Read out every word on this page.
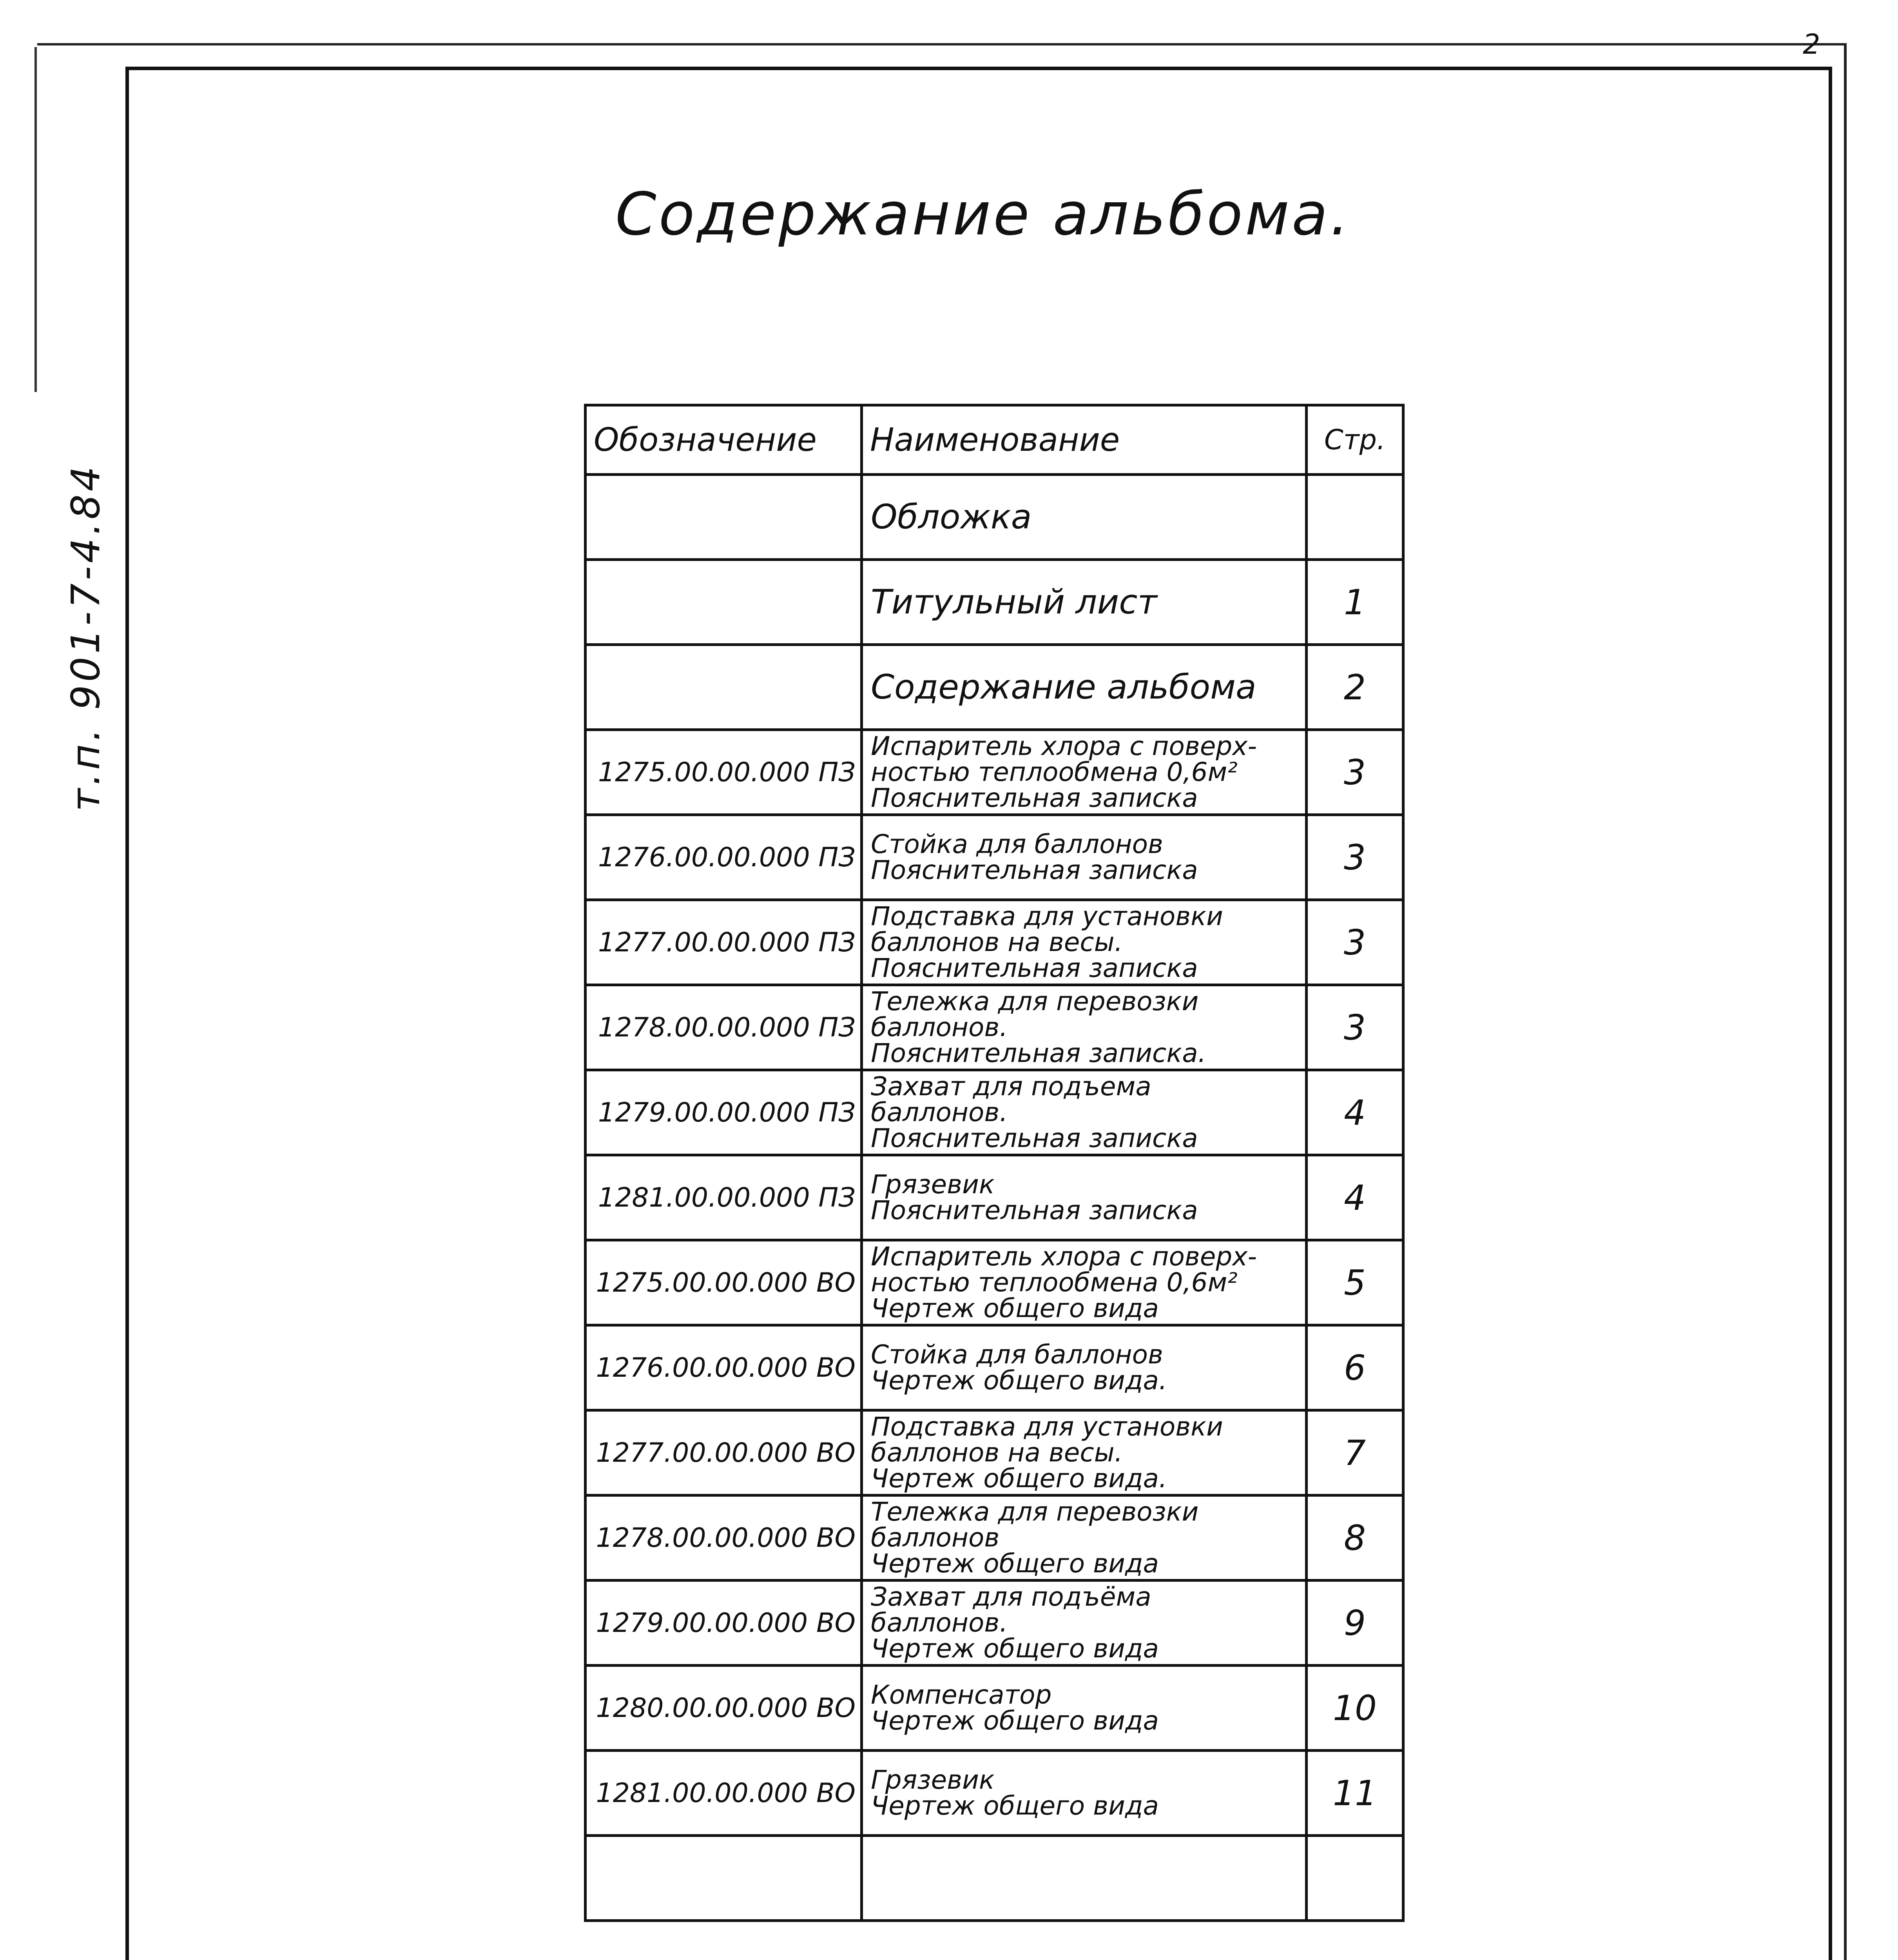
2
т.п. 901-7-4.84
Содержание альбома.
Обозначение	Наименование	Стр.

	Обложка	

	Титульный лист	1

	Содержание альбома	2
1275.00.00.000 ПЗ	Испаритель хлора с поверх-
ностью теплообмена 0,6м²
Пояснительная записка	3
1276.00.00.000 ПЗ	Стойка для баллонов
Пояснительная записка	3
1277.00.00.000 ПЗ	Подставка для установки
баллонов на весы.
Пояснительная записка	3
1278.00.00.000 ПЗ	Тележка для перевозки
баллонов.
Пояснительная записка.	3
1279.00.00.000 ПЗ	Захват для подъема
баллонов.
Пояснительная записка	4
1281.00.00.000 ПЗ	Грязевик
Пояснительная записка	4
1275.00.00.000 ВО	Испаритель хлора с поверх-
ностью теплообмена 0,6м²
Чертеж общего вида	5
1276.00.00.000 ВО	Стойка для баллонов
Чертеж общего вида.	6
1277.00.00.000 ВО	Подставка для установки
баллонов на весы.
Чертеж общего вида.	7
1278.00.00.000 ВО	Тележка для перевозки
баллонов
Чертеж общего вида	8
1279.00.00.000 ВО	Захват для подъёма
баллонов.
Чертеж общего вида	9
1280.00.00.000 ВО	Компенсатор
Чертеж общего вида	10
1281.00.00.000 ВО	Грязевик
Чертеж общего вида	11
